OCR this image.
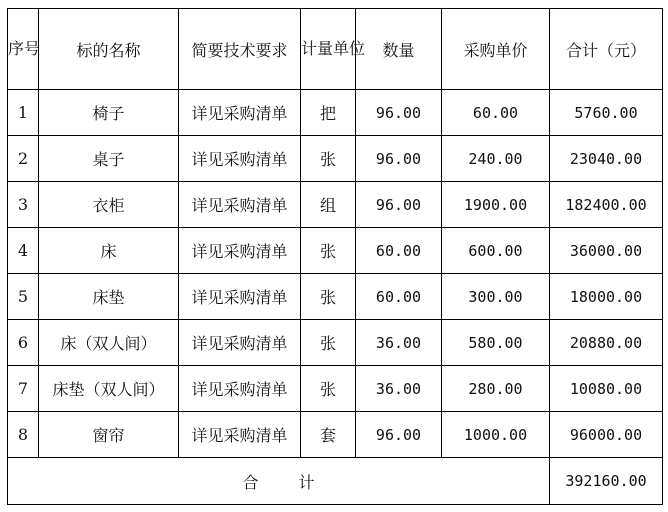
序号	标的名称	简要技术要求	计量单位	数量	采购单价	合计（元）
1	椅子	详见采购清单	把	96.00	60.00	5760.00
2	桌子	详见采购清单	张	96.00	240.00	23040.00
3	衣柜	详见采购清单	组	96.00	1900.00	182400.00
4	床	详见采购清单	张	60.00	600.00	36000.00
5	床垫	详见采购清单	张	60.00	300.00	18000.00
6	床（双人间）	详见采购清单	张	36.00	580.00	20880.00
7	床垫（双人间）	详见采购清单	张	36.00	280.00	10080.00
8	窗帘	详见采购清单	套	96.00	1000.00	96000.00
合计						392160.00
